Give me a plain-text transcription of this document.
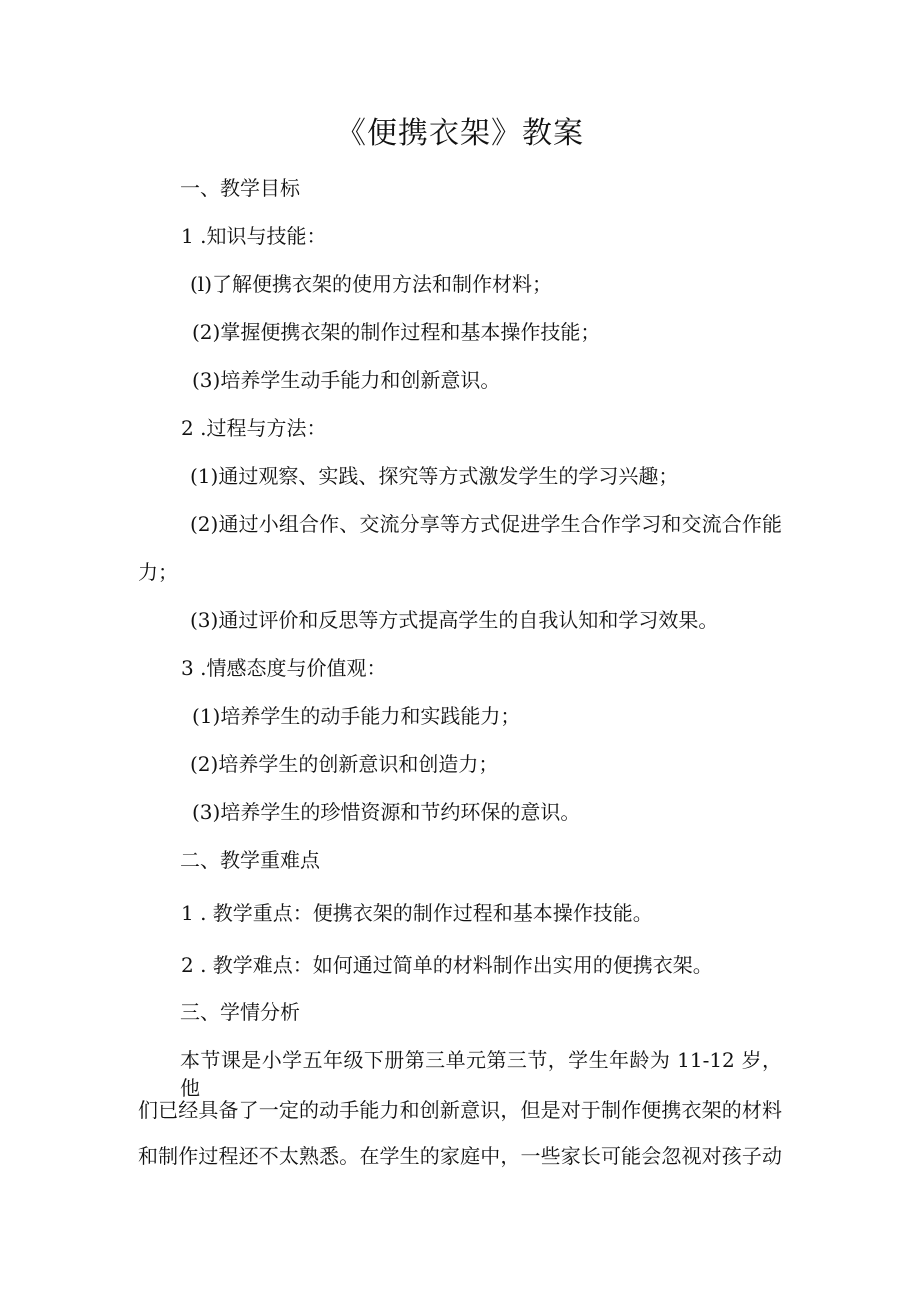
《便携衣架》教案
一、教学目标
1 .知识与技能：
(l)了解便携衣架的使用方法和制作材料；
(2)掌握便携衣架的制作过程和基本操作技能；
(3)培养学生动手能力和创新意识。
2 .过程与方法：
(1)通过观察、实践、探究等方式激发学生的学习兴趣；
(2)通过小组合作、交流分享等方式促进学生合作学习和交流合作能
力；
(3)通过评价和反思等方式提高学生的自我认知和学习效果。
3 .情感态度与价值观：
(1)培养学生的动手能力和实践能力；
(2)培养学生的创新意识和创造力；
(3)培养学生的珍惜资源和节约环保的意识。
二、教学重难点
1 . 教学重点：便携衣架的制作过程和基本操作技能。
2 . 教学难点：如何通过简单的材料制作出实用的便携衣架。
三、学情分析
本节课是小学五年级下册第三单元第三节，学生年龄为 11-12 岁，他
们已经具备了一定的动手能力和创新意识，但是对于制作便携衣架的材料
和制作过程还不太熟悉。在学生的家庭中，一些家长可能会忽视对孩子动
